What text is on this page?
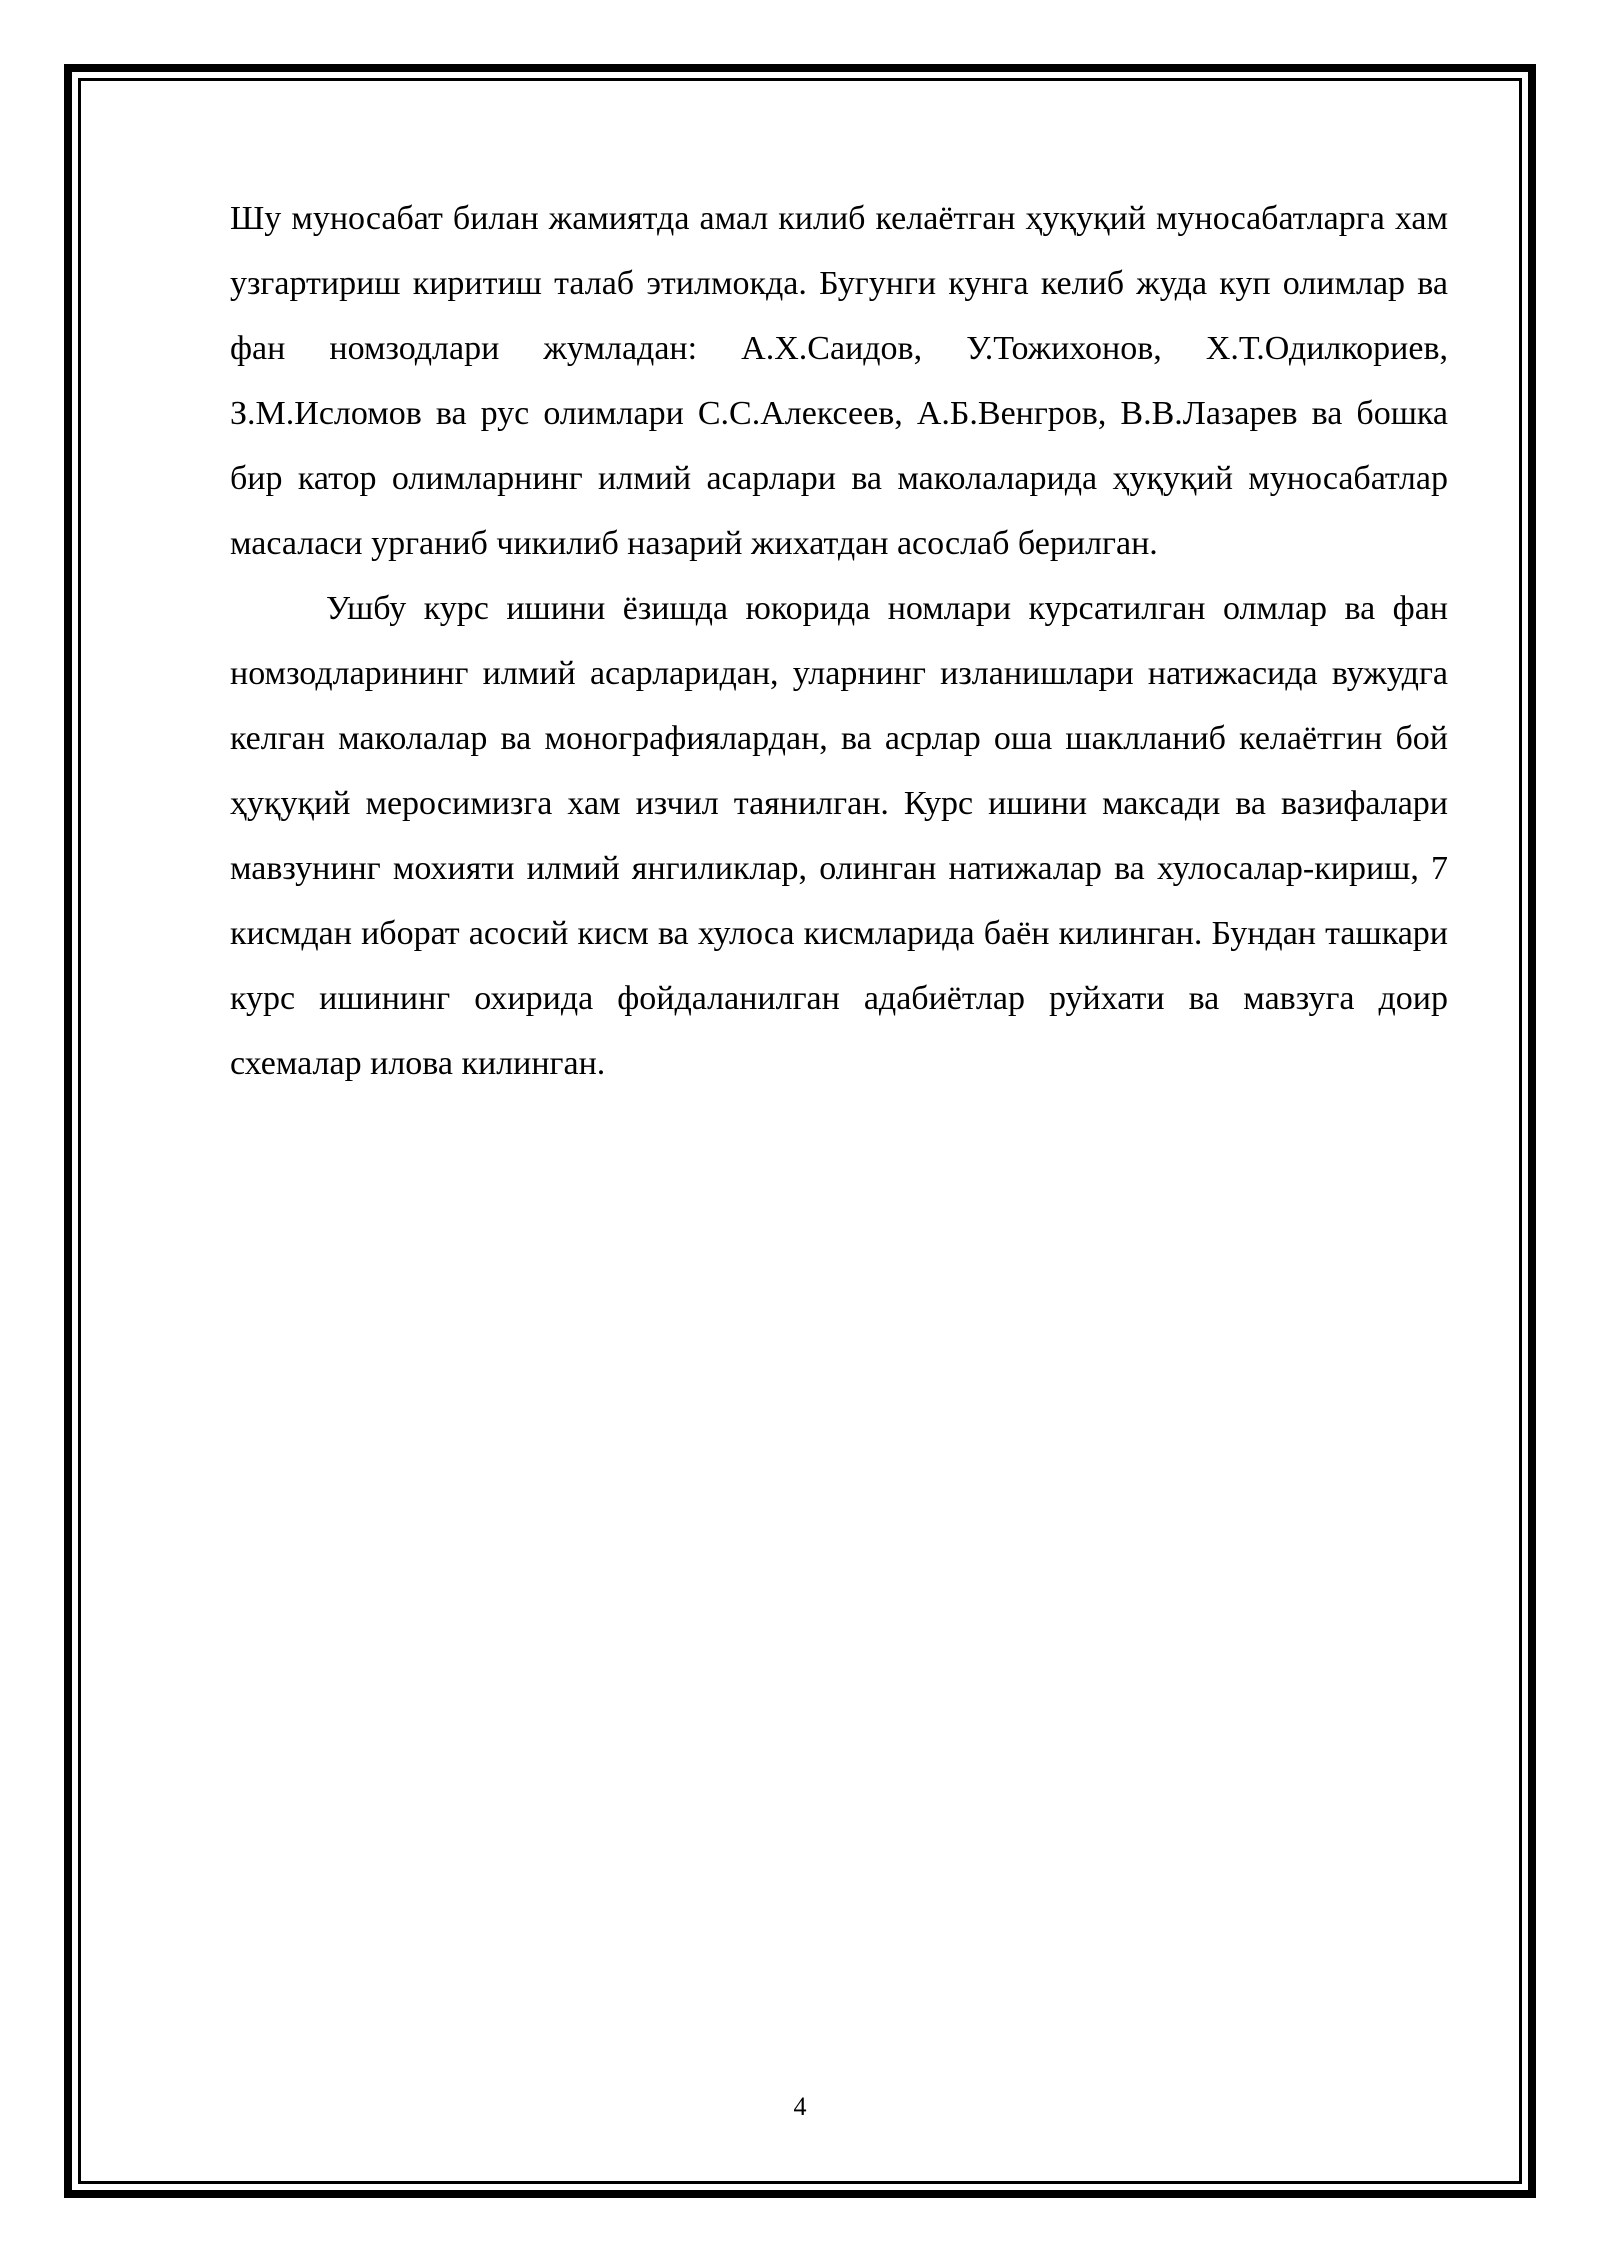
Шу муносабат билан жамиятда амал килиб келаётган ҳуқуқий муносабатларга хам узгартириш киритиш талаб этилмокда. Бугунги кунга келиб жуда куп олимлар ва фан номзодлари жумладан: А.Х.Саидов, У.Тожихонов, Х.Т.Одилкориев, З.М.Исломов ва рус олимлари С.С.Алексеев, А.Б.Венгров, В.В.Лазарев ва бошка бир катор олимларнинг илмий асарлари ва маколаларида ҳуқуқий муносабатлар масаласи урганиб чикилиб назарий жихатдан асослаб берилган.

Ушбу курс ишини ёзишда юкорида номлари курсатилган олмлар ва фан номзодларининг илмий асарларидан, уларнинг изланишлари натижасида вужудга келган маколалар ва монографиялардан, ва асрлар оша шаклланиб келаётгин бой ҳуқуқий меросимизга хам изчил таянилган. Курс ишини максади ва вазифалари мавзунинг мохияти илмий янгиликлар, олинган натижалар ва хулосалар-кириш, 7 кисмдан иборат асосий кисм ва хулоса кисмларида баён килинган. Бундан ташкари курс ишининг охирида фойдаланилган адабиётлар руйхати ва мавзуга доир схемалар илова килинган.

4
